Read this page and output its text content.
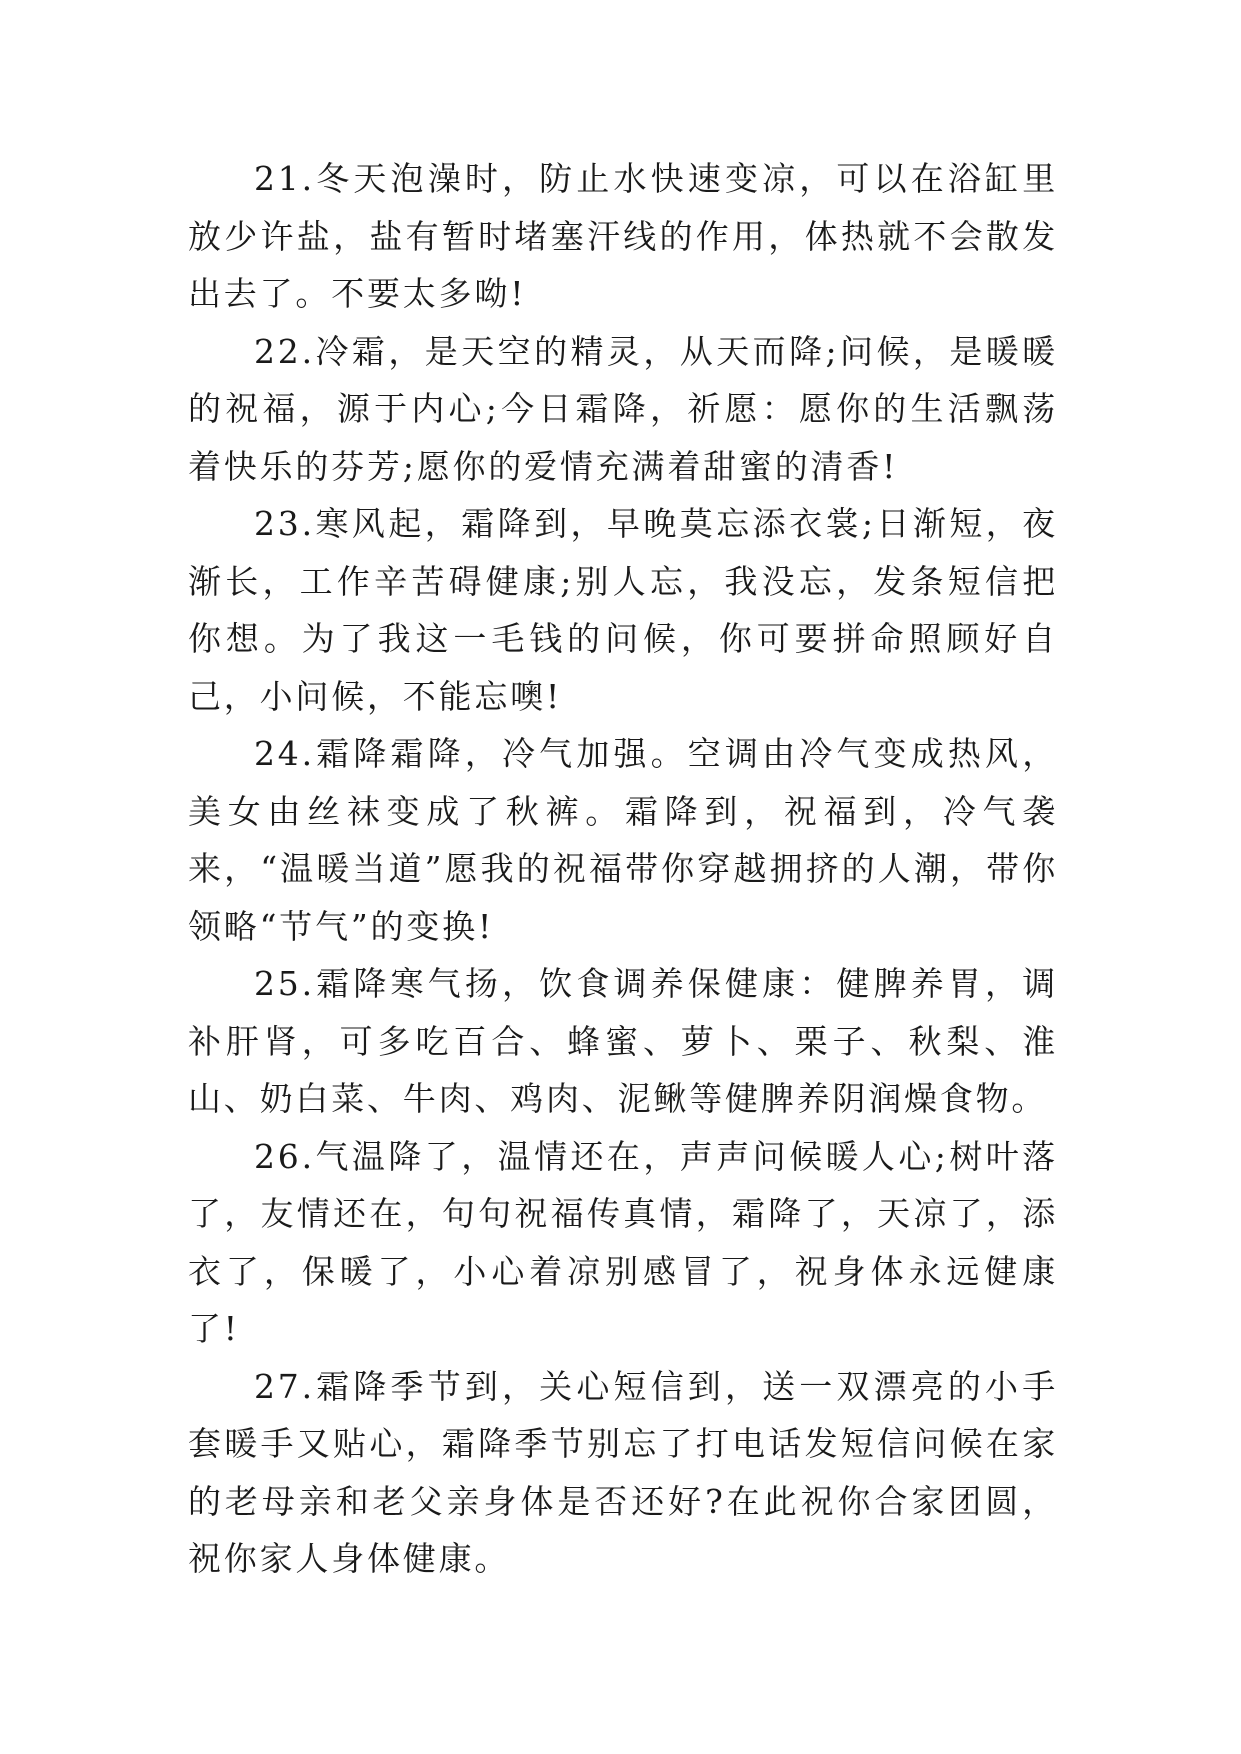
21.冬天泡澡时，防止水快速变凉，可以在浴缸里放少许盐，盐有暂时堵塞汗线的作用，体热就不会散发出去了。不要太多呦!

22.冷霜，是天空的精灵，从天而降;问候，是暖暖的祝福，源于内心;今日霜降，祈愿：愿你的生活飘荡着快乐的芬芳;愿你的爱情充满着甜蜜的清香!

23.寒风起，霜降到，早晚莫忘添衣裳;日渐短，夜渐长，工作辛苦碍健康;别人忘，我没忘，发条短信把你想。为了我这一毛钱的问候，你可要拼命照顾好自己，小问候，不能忘噢!

24.霜降霜降，冷气加强。空调由冷气变成热风，美女由丝袜变成了秋裤。霜降到，祝福到，冷气袭来，“温暖当道”愿我的祝福带你穿越拥挤的人潮，带你领略“节气”的变换!

25.霜降寒气扬，饮食调养保健康：健脾养胃，调补肝肾，可多吃百合、蜂蜜、萝卜、栗子、秋梨、淮山、奶白菜、牛肉、鸡肉、泥鳅等健脾养阴润燥食物。

26.气温降了，温情还在，声声问候暖人心;树叶落了，友情还在，句句祝福传真情，霜降了，天凉了，添衣了，保暖了，小心着凉别感冒了，祝身体永远健康了!

27.霜降季节到，关心短信到，送一双漂亮的小手套暖手又贴心，霜降季节别忘了打电话发短信问候在家的老母亲和老父亲身体是否还好?在此祝你合家团圆，祝你家人身体健康。
